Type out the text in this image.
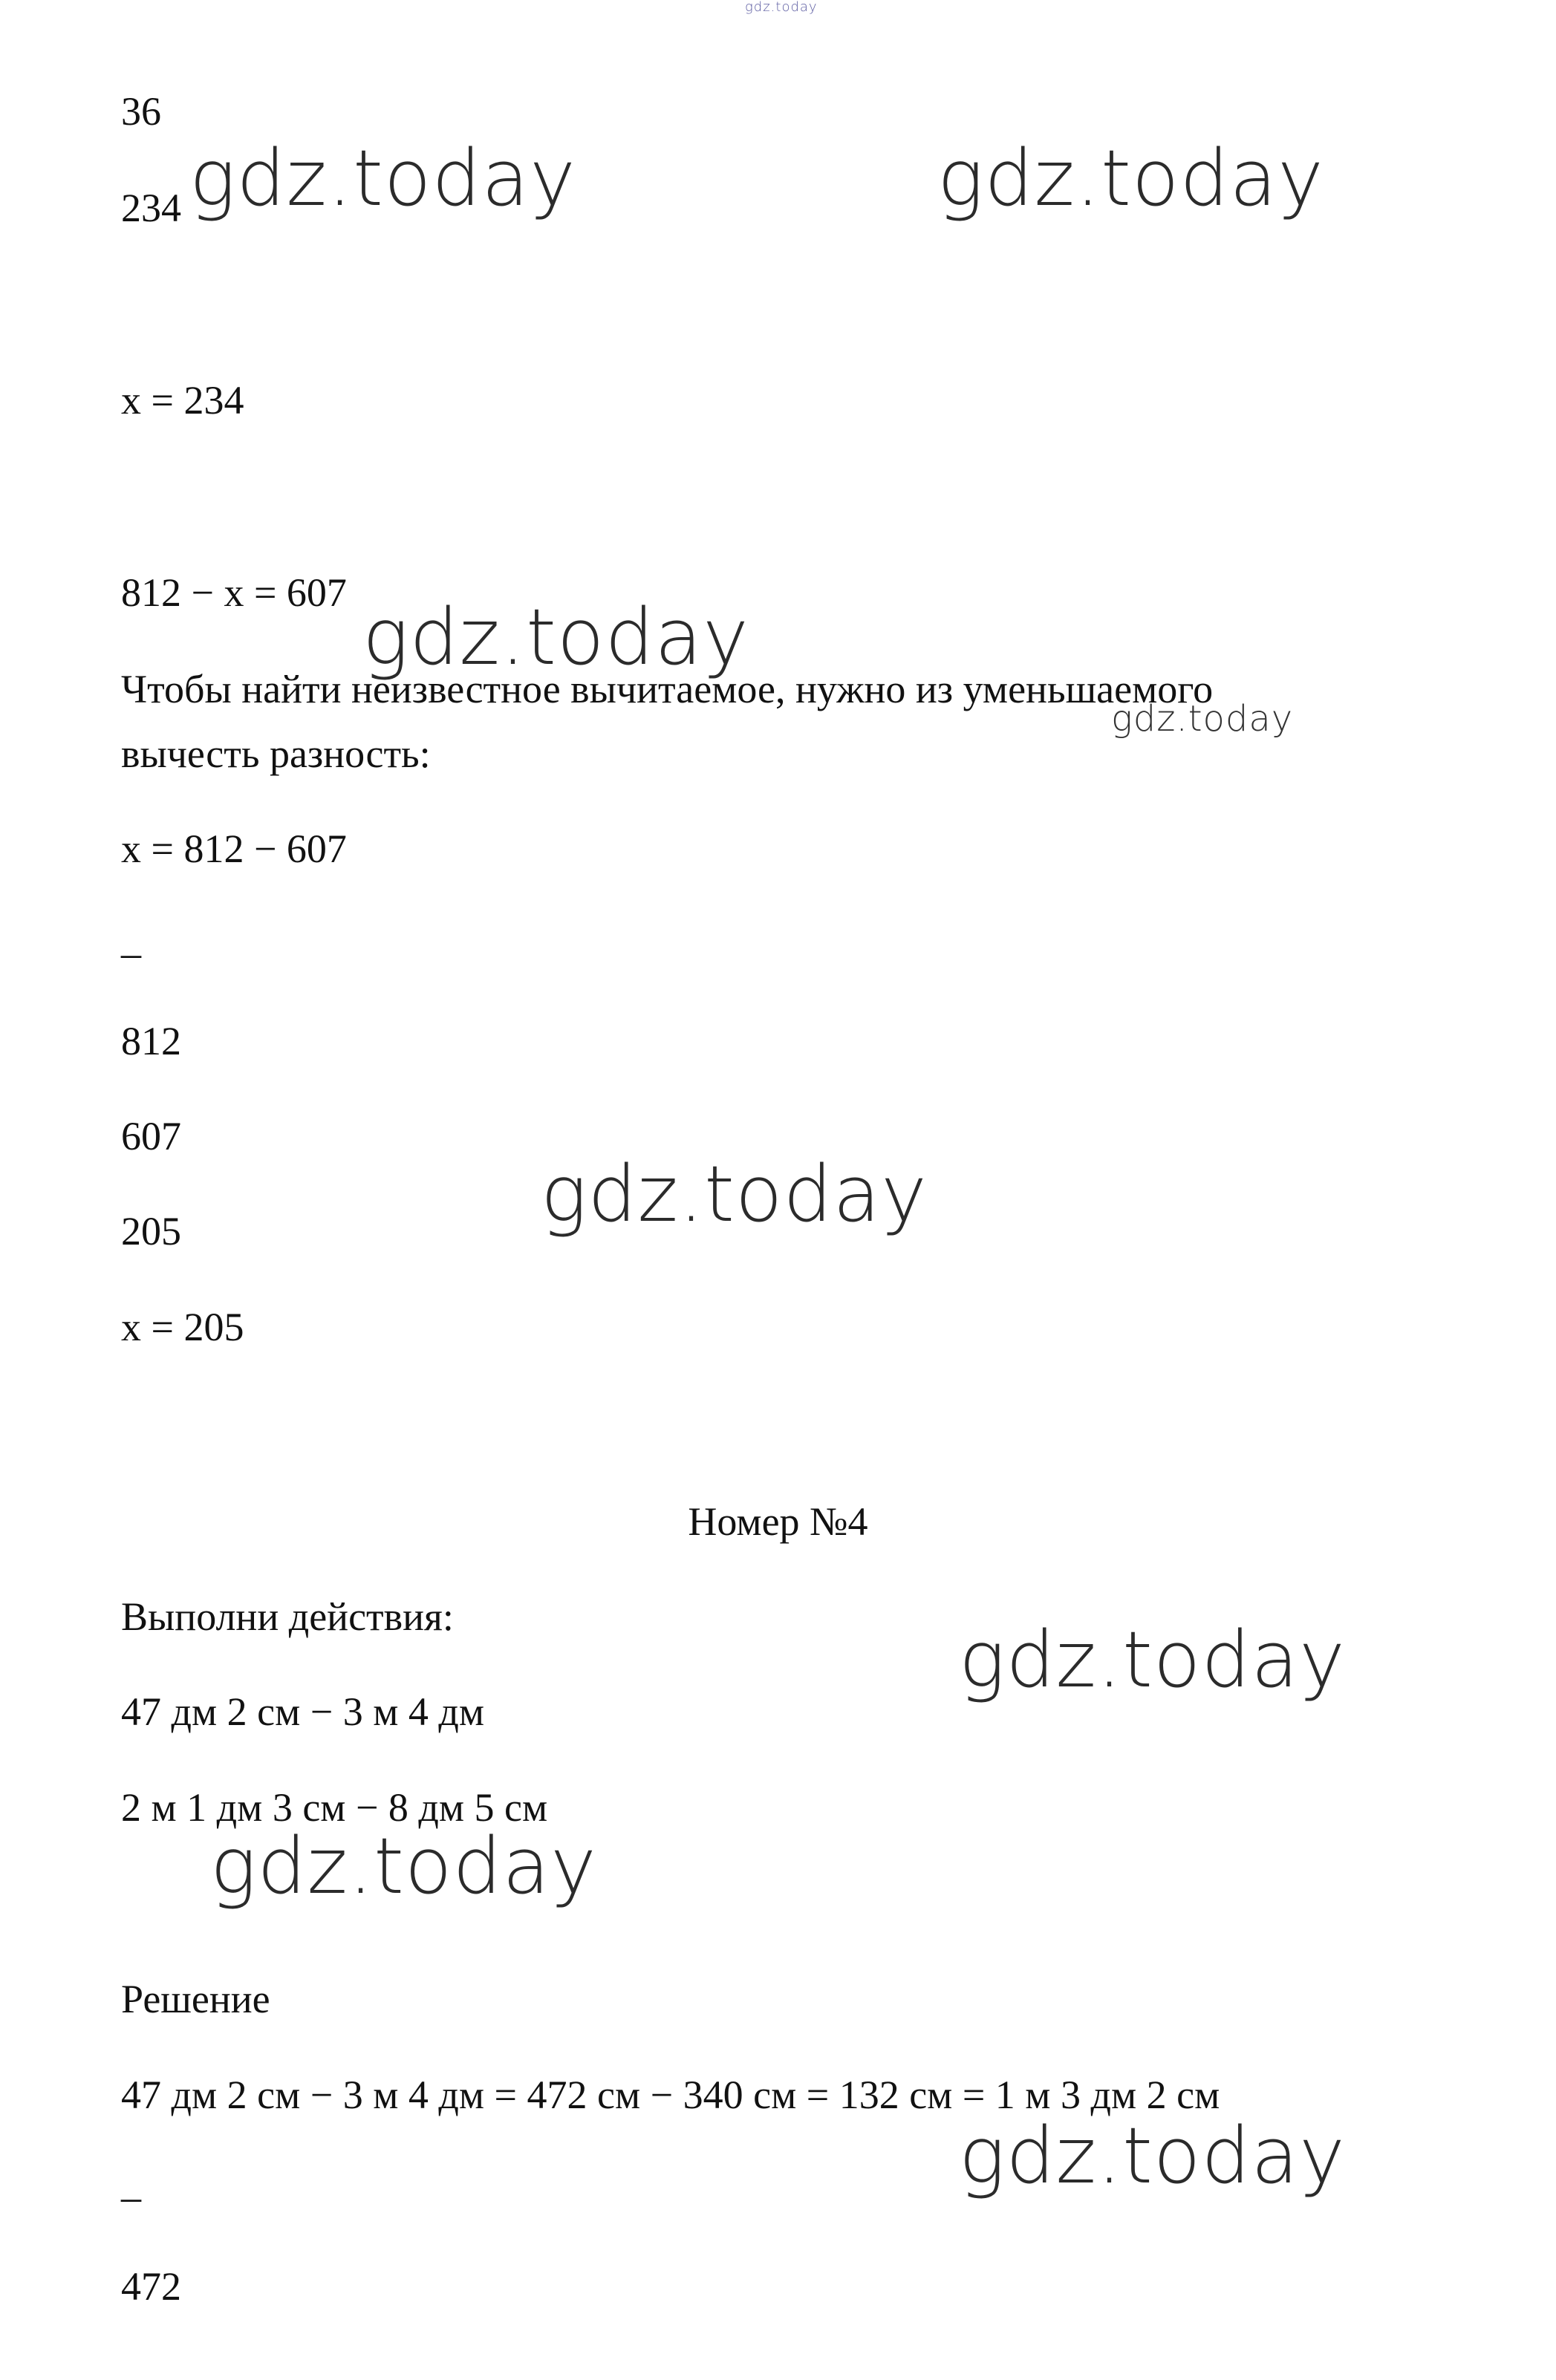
gdz.today
36
234
x = 234
812 − x = 607
Чтобы найти неизвестное вычитаемое, нужно из уменьшаемого
вычесть разность:
x = 812 − 607
_
812
607
205
x = 205
Номер №4
Выполни действия:
47 дм 2 см − 3 м 4 дм
2 м 1 дм 3 см − 8 дм 5 см
Решение
47 дм 2 см − 3 м 4 дм = 472 см − 340 см = 132 см = 1 м 3 дм 2 см
_
472
gdz.today	gdz.today
gdz.today
gdz.today
gdz.today
gdz.today
gdz.today
gdz.today
